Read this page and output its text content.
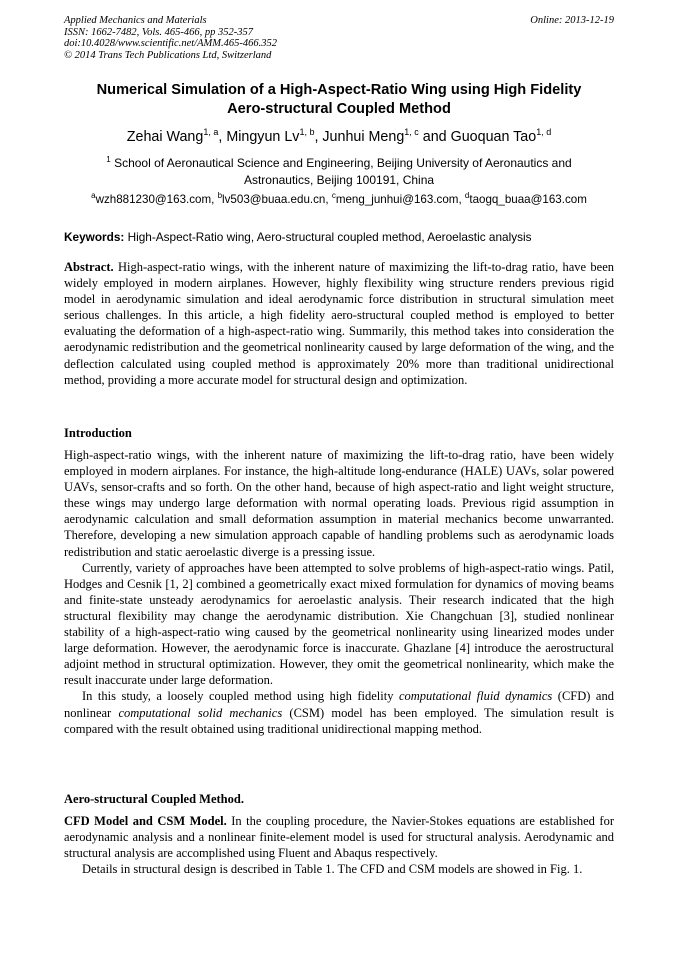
Applied Mechanics and Materials
ISSN: 1662-7482, Vols. 465-466, pp 352-357
doi:10.4028/www.scientific.net/AMM.465-466.352
© 2014 Trans Tech Publications Ltd, Switzerland
Online: 2013-12-19
Numerical Simulation of a High-Aspect-Ratio Wing using High Fidelity
Aero-structural Coupled Method
Zehai Wang$^{1, a}$, Mingyun Lv$^{1, b}$, Junhui Meng$^{1, c}$ and Guoquan Tao$^{1, d}$
$^1$ School of Aeronautical Science and Engineering, Beijing University of Aeronautics and
Astronautics, Beijing 100191, China
$^a$wzh881230@163.com, $^b$lv503@buaa.edu.cn, $^c$meng_junhui@163.com, $^d$taogq_buaa@163.com
Keywords: High-Aspect-Ratio wing, Aero-structural coupled method, Aeroelastic analysis

Abstract. High-aspect-ratio wings, with the inherent nature of maximizing the lift-to-drag ratio, have been widely employed in modern airplanes. However, highly flexibility wing structure renders previous rigid model in aerodynamic simulation and ideal aerodynamic force distribution in structural simulation meet serious challenges. In this article, a high fidelity aero-structural coupled method is employed to better evaluating the deformation of a high-aspect-ratio wing. Summarily, this method takes into consideration the aerodynamic redistribution and the geometrical nonlinearity caused by large deformation of the wing, and the deflection calculated using coupled method is approximately 20% more than traditional unidirectional method, providing a more accurate model for structural design and optimization.

Introduction

High-aspect-ratio wings, with the inherent nature of maximizing the lift-to-drag ratio, have been widely employed in modern airplanes. For instance, the high-altitude long-endurance (HALE) UAVs, solar powered UAVs, sensor-crafts and so forth. On the other hand, because of high aspect-ratio and light weight structure, these wings may undergo large deformation with normal operating loads. Previous rigid assumption in aerodynamic calculation and small deformation assumption in material mechanics become unwarranted. Therefore, developing a new simulation approach capable of handling problems such as aerodynamic loads redistribution and static aeroelastic diverge is a pressing issue.

Currently, variety of approaches have been attempted to solve problems of high-aspect-ratio wings. Patil, Hodges and Cesnik [1, 2] combined a geometrically exact mixed formulation for dynamics of moving beams and finite-state unsteady aerodynamics for aeroelastic analysis. Their research indicated that the high structural flexibility may change the aerodynamic distribution. Xie Changchuan [3], studied nonlinear stability of a high-aspect-ratio wing caused by the geometrical nonlinearity using linearized modes under large deformation. However, the aerodynamic force is inaccurate. Ghazlane [4] introduce the aerostructural adjoint method in structural optimization. However, they omit the geometrical nonlinearity, which make the result inaccurate under large deformation.

In this study, a loosely coupled method using high fidelity computational fluid dynamics (CFD) and nonlinear computational solid mechanics (CSM) model has been employed. The simulation result is compared with the result obtained using traditional unidirectional mapping method.

Aero-structural Coupled Method.

CFD Model and CSM Model. In the coupling procedure, the Navier-Stokes equations are established for aerodynamic analysis and a nonlinear finite-element model is used for structural analysis. Aerodynamic and structural analysis are accomplished using Fluent and Abaqus respectively.

Details in structural design is described in Table 1. The CFD and CSM models are showed in Fig. 1.
